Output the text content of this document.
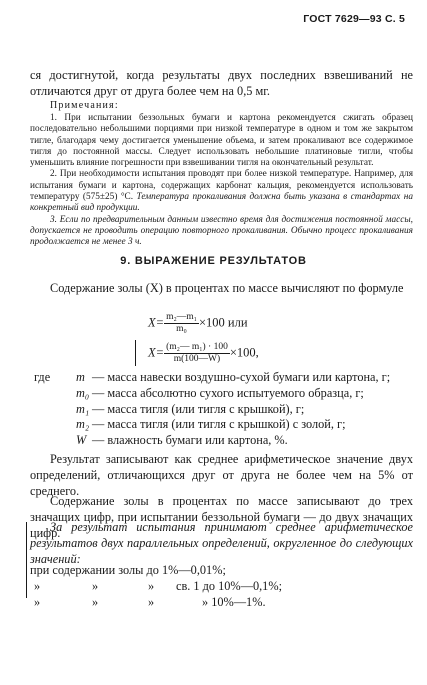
ГОСТ 7629—93 С. 5
ся достигнутой, когда результаты двух последних взвешиваний не отличаются друг от друга более чем на 0,5 мг.
Примечания:

1. При испытании беззольных бумаги и картона рекомендуется сжигать образец последовательно небольшими порциями при низкой температуре в одном и том же закрытом тигле, благодаря чему достигается уменьшение объема, и затем прокаливают все содержимое тигля до постоянной массы. Следует использовать небольшие платиновые тигли, чтобы уменьшить влияние погрешности при взвешивании тигля на окончательный результат.

2. При необходимости испытания проводят при более низкой температуре. Например, для испытания бумаги и картона, содержащих карбонат кальция, рекомендуется использовать температуру (575±25) °С. Температура прокаливания должна быть указана в стандартах на конкретный вид продукции.

3. Если по предварительным данным известно время для достижения постоянной массы, допускается не проводить операцию повторного прокаливания. Обычно процесс прокаливания продолжается не менее 3 ч.

9. ВЫРАЖЕНИЕ РЕЗУЛЬТАТОВ
Содержание золы (X) в процентах по массе вычисляют по формуле
$X= \frac{\text{m₂—m₁}}{\text{m₀}} \times 100$ или
$X= \frac{\text{(m₂— m₁) · 100}}{m(100—W)} \times 100$,
где m — масса навески воздушно-сухой бумаги или картона, г;
m₀ — масса абсолютно сухого испытуемого образца, г;
m₁ — масса тигля (или тигля с крышкой), г;
m₂ — масса тигля (или тигля с крышкой) с золой, г;
W — влажность бумаги или картона, %.
Результат записывают как среднее арифметическое значение двух определений, отличающихся друг от друга не более чем на 5% от среднего.
Содержание золы в процентах по массе записывают до трех значащих цифр, при испытании беззольной бумаги — до двух значащих цифр.
За результат испытания принимают среднее арифметическое результатов двух параллельных определений, округленное до следующих значений:
при содержании золы до 1%—0,01%;
»	»	» св. 1 до 10%—0,1%;
»	»	»	» 10%—1%.
